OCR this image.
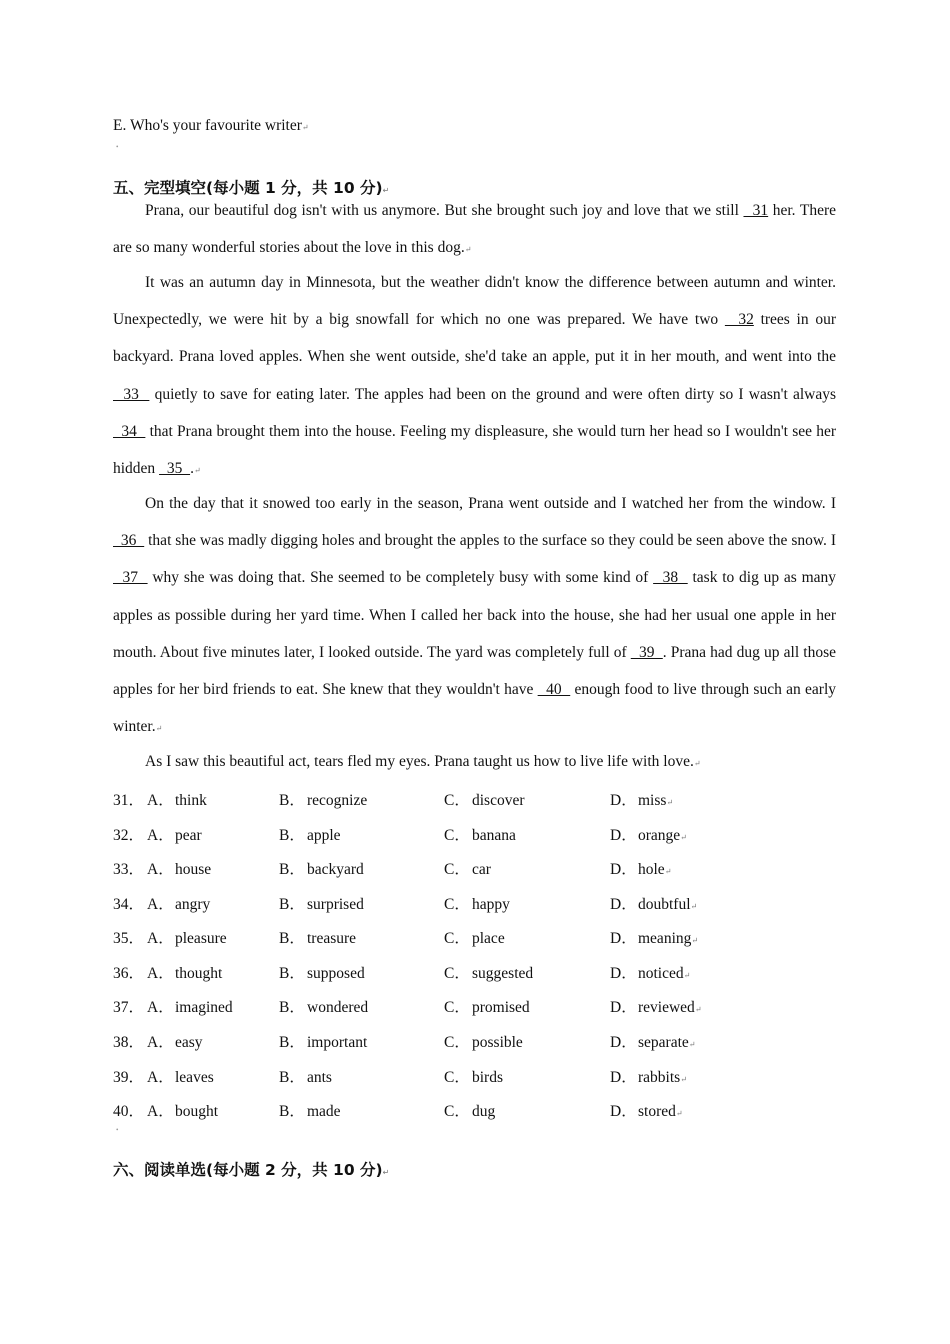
E. Who's your favourite writer↵
•
五、完型填空(每小题 1 分，共 10 分)↵
Prana, our beautiful dog isn't with us anymore. But she brought such joy and love that we still   31 her. There are so many wonderful stories about the love in this dog.↵
It was an autumn day in Minnesota, but the weather didn't know the difference between autumn and winter. Unexpectedly, we were hit by a big snowfall for which no one was prepared. We have two   32 trees in our backyard. Prana loved apples. When she went outside, she'd take an apple, put it in her mouth, and went into the   33   quietly to save for eating later. The apples had been on the ground and were often dirty so I wasn't always   34   that Prana brought them into the house. Feeling my displeasure, she would turn her head so I wouldn't see her hidden   35  .↵
On the day that it snowed too early in the season, Prana went outside and I watched her from the window. I   36   that she was madly digging holes and brought the apples to the surface so they could be seen above the snow. I   37   why she was doing that. She seemed to be completely busy with some kind of   38   task to dig up as many apples as possible during her yard time. When I called her back into the house, she had her usual one apple in her mouth. About five minutes later, I looked outside. The yard was completely full of   39  . Prana had dug up all those apples for her bird friends to eat. She knew that they wouldn't have   40   enough food to live through such an early winter.↵
As I saw this beautiful act, tears fled my eyes. Prana taught us how to live life with love.↵
31． A．think	B． recognize	C． discover	D．miss↵
32． A．pear	B． apple	C． banana	D．orange↵
33． A．house	B． backyard	C． car	D．hole↵
34． A．angry	B． surprised	C． happy	D．doubtful↵
35． A．pleasure	B． treasure	C． place	D．meaning↵
36． A．thought	B． supposed	C． suggested	D．noticed↵
37． A．imagined	B． wondered	C． promised	D．reviewed↵
38． A．easy	B． important	C． possible	D．separate↵
39． A．leaves	B． ants	C． birds	D．rabbits↵
40． A．bought	B． made	C． dug	D．stored↵
•
六、阅读单选(每小题 2 分，共 10 分)↵
